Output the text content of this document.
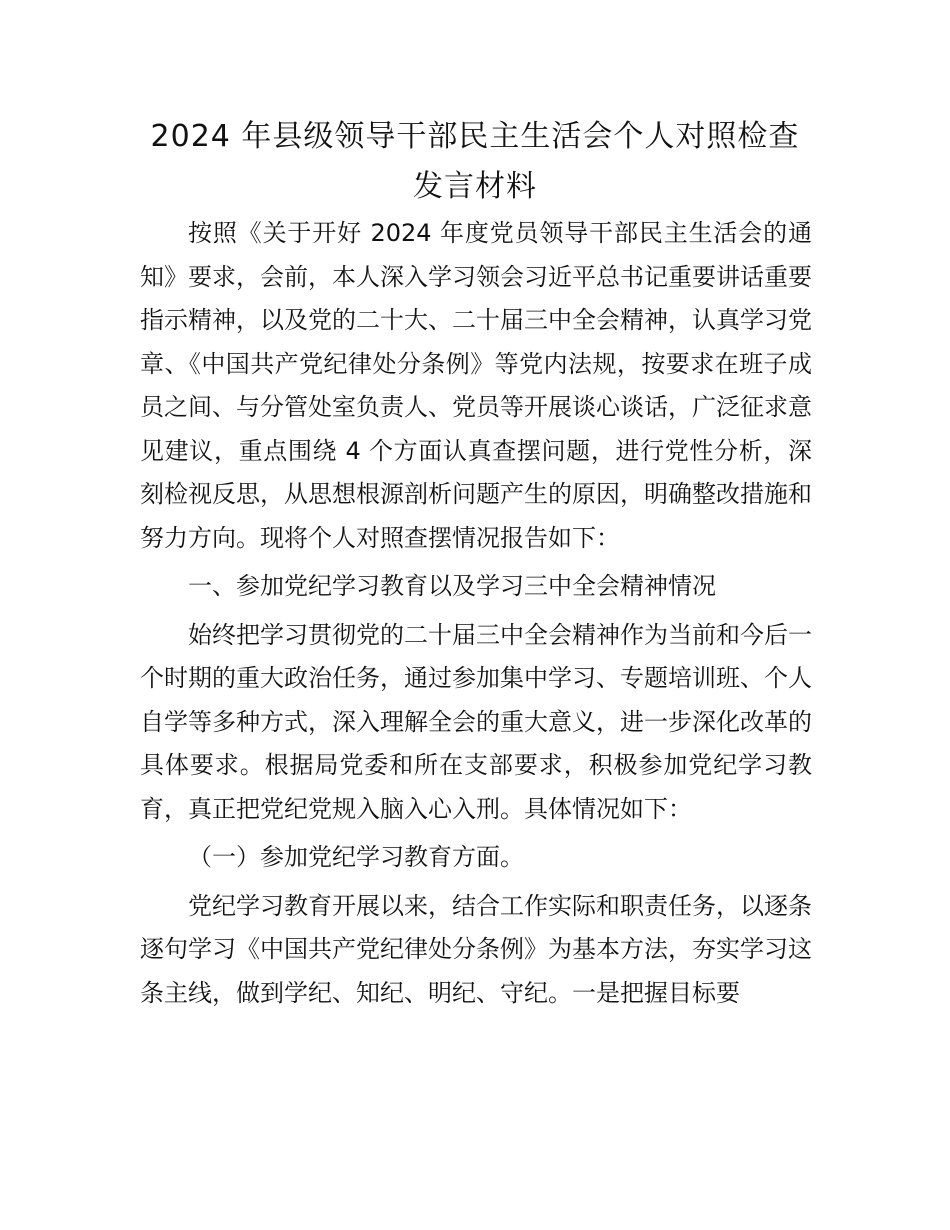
2024 年县级领导干部民主生活会个人对照检查发言材料

按照《关于开好 2024 年度党员领导干部民主生活会的通知》要求，会前，本人深入学习领会习近平总书记重要讲话重要指示精神，以及党的二十大、二十届三中全会精神，认真学习党章、《中国共产党纪律处分条例》等党内法规，按要求在班子成员之间、与分管处室负责人、党员等开展谈心谈话，广泛征求意见建议，重点围绕 4 个方面认真查摆问题，进行党性分析，深刻检视反思，从思想根源剖析问题产生的原因，明确整改措施和努力方向。现将个人对照查摆情况报告如下：

一、参加党纪学习教育以及学习三中全会精神情况

始终把学习贯彻党的二十届三中全会精神作为当前和今后一个时期的重大政治任务，通过参加集中学习、专题培训班、个人自学等多种方式，深入理解全会的重大意义，进一步深化改革的具体要求。根据局党委和所在支部要求，积极参加党纪学习教育，真正把党纪党规入脑入心入刑。具体情况如下：

（一）参加党纪学习教育方面。

党纪学习教育开展以来，结合工作实际和职责任务，以逐条逐句学习《中国共产党纪律处分条例》为基本方法，夯实学习这条主线，做到学纪、知纪、明纪、守纪。一是把握目标要
